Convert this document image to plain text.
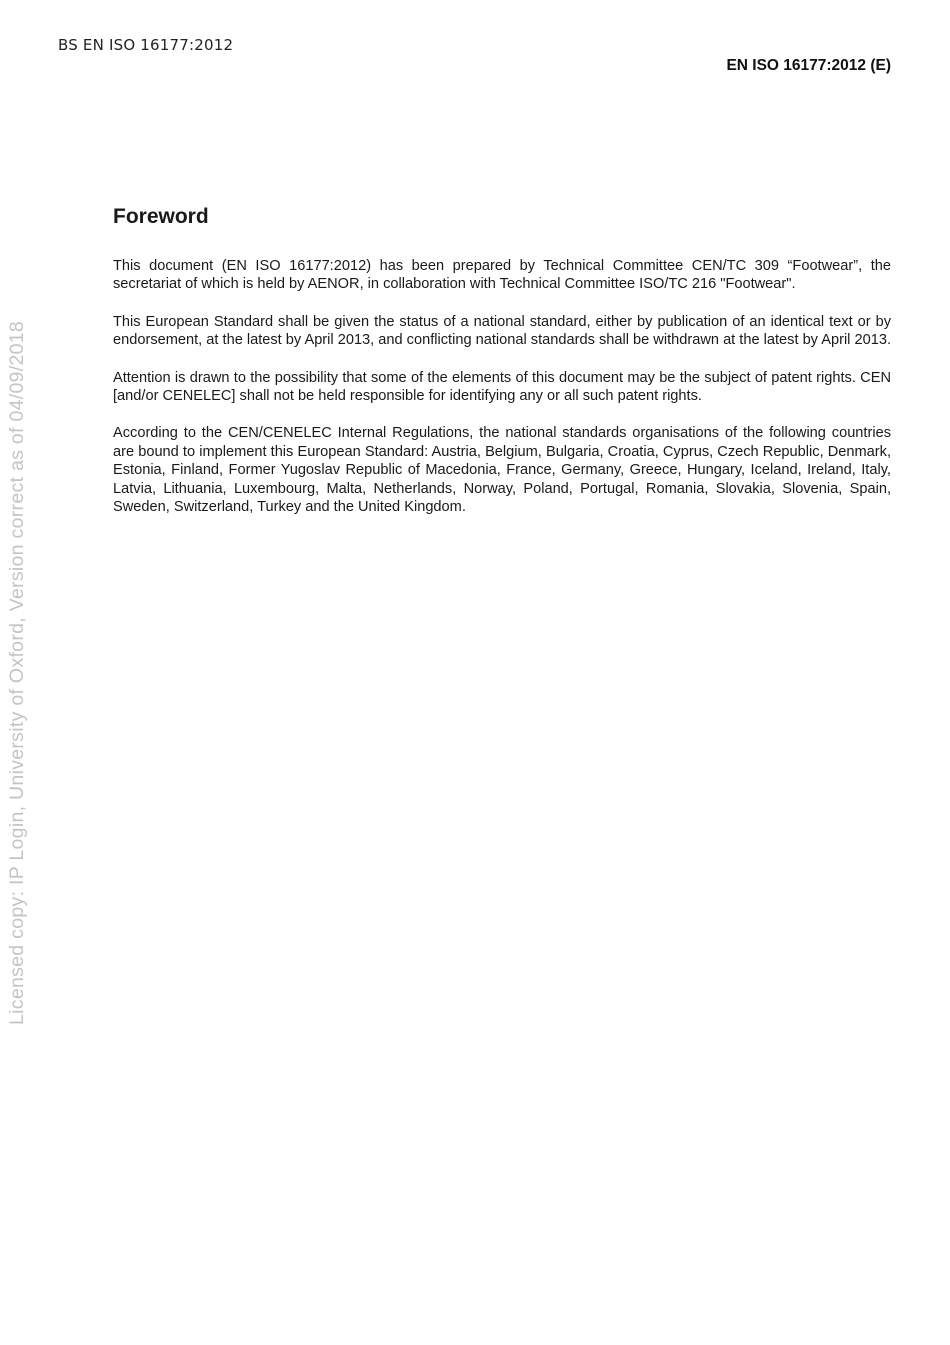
BS EN ISO 16177:2012
EN ISO 16177:2012 (E)
Licensed copy: IP Login, University of Oxford, Version correct as of 04/09/2018
Foreword

This document (EN ISO 16177:2012) has been prepared by Technical Committee CEN/TC 309 “Footwear”, the secretariat of which is held by AENOR, in collaboration with Technical Committee ISO/TC 216 "Footwear".

This European Standard shall be given the status of a national standard, either by publication of an identical text or by endorsement, at the latest by April 2013, and conflicting national standards shall be withdrawn at the latest by April 2013.

Attention is drawn to the possibility that some of the elements of this document may be the subject of patent rights. CEN [and/or CENELEC] shall not be held responsible for identifying any or all such patent rights.

According to the CEN/CENELEC Internal Regulations, the national standards organisations of the following countries are bound to implement this European Standard: Austria, Belgium, Bulgaria, Croatia, Cyprus, Czech Republic, Denmark, Estonia, Finland, Former Yugoslav Republic of Macedonia, France, Germany, Greece, Hungary, Iceland, Ireland, Italy, Latvia, Lithuania, Luxembourg, Malta, Netherlands, Norway, Poland, Portugal, Romania, Slovakia, Slovenia, Spain, Sweden, Switzerland, Turkey and the United Kingdom.
